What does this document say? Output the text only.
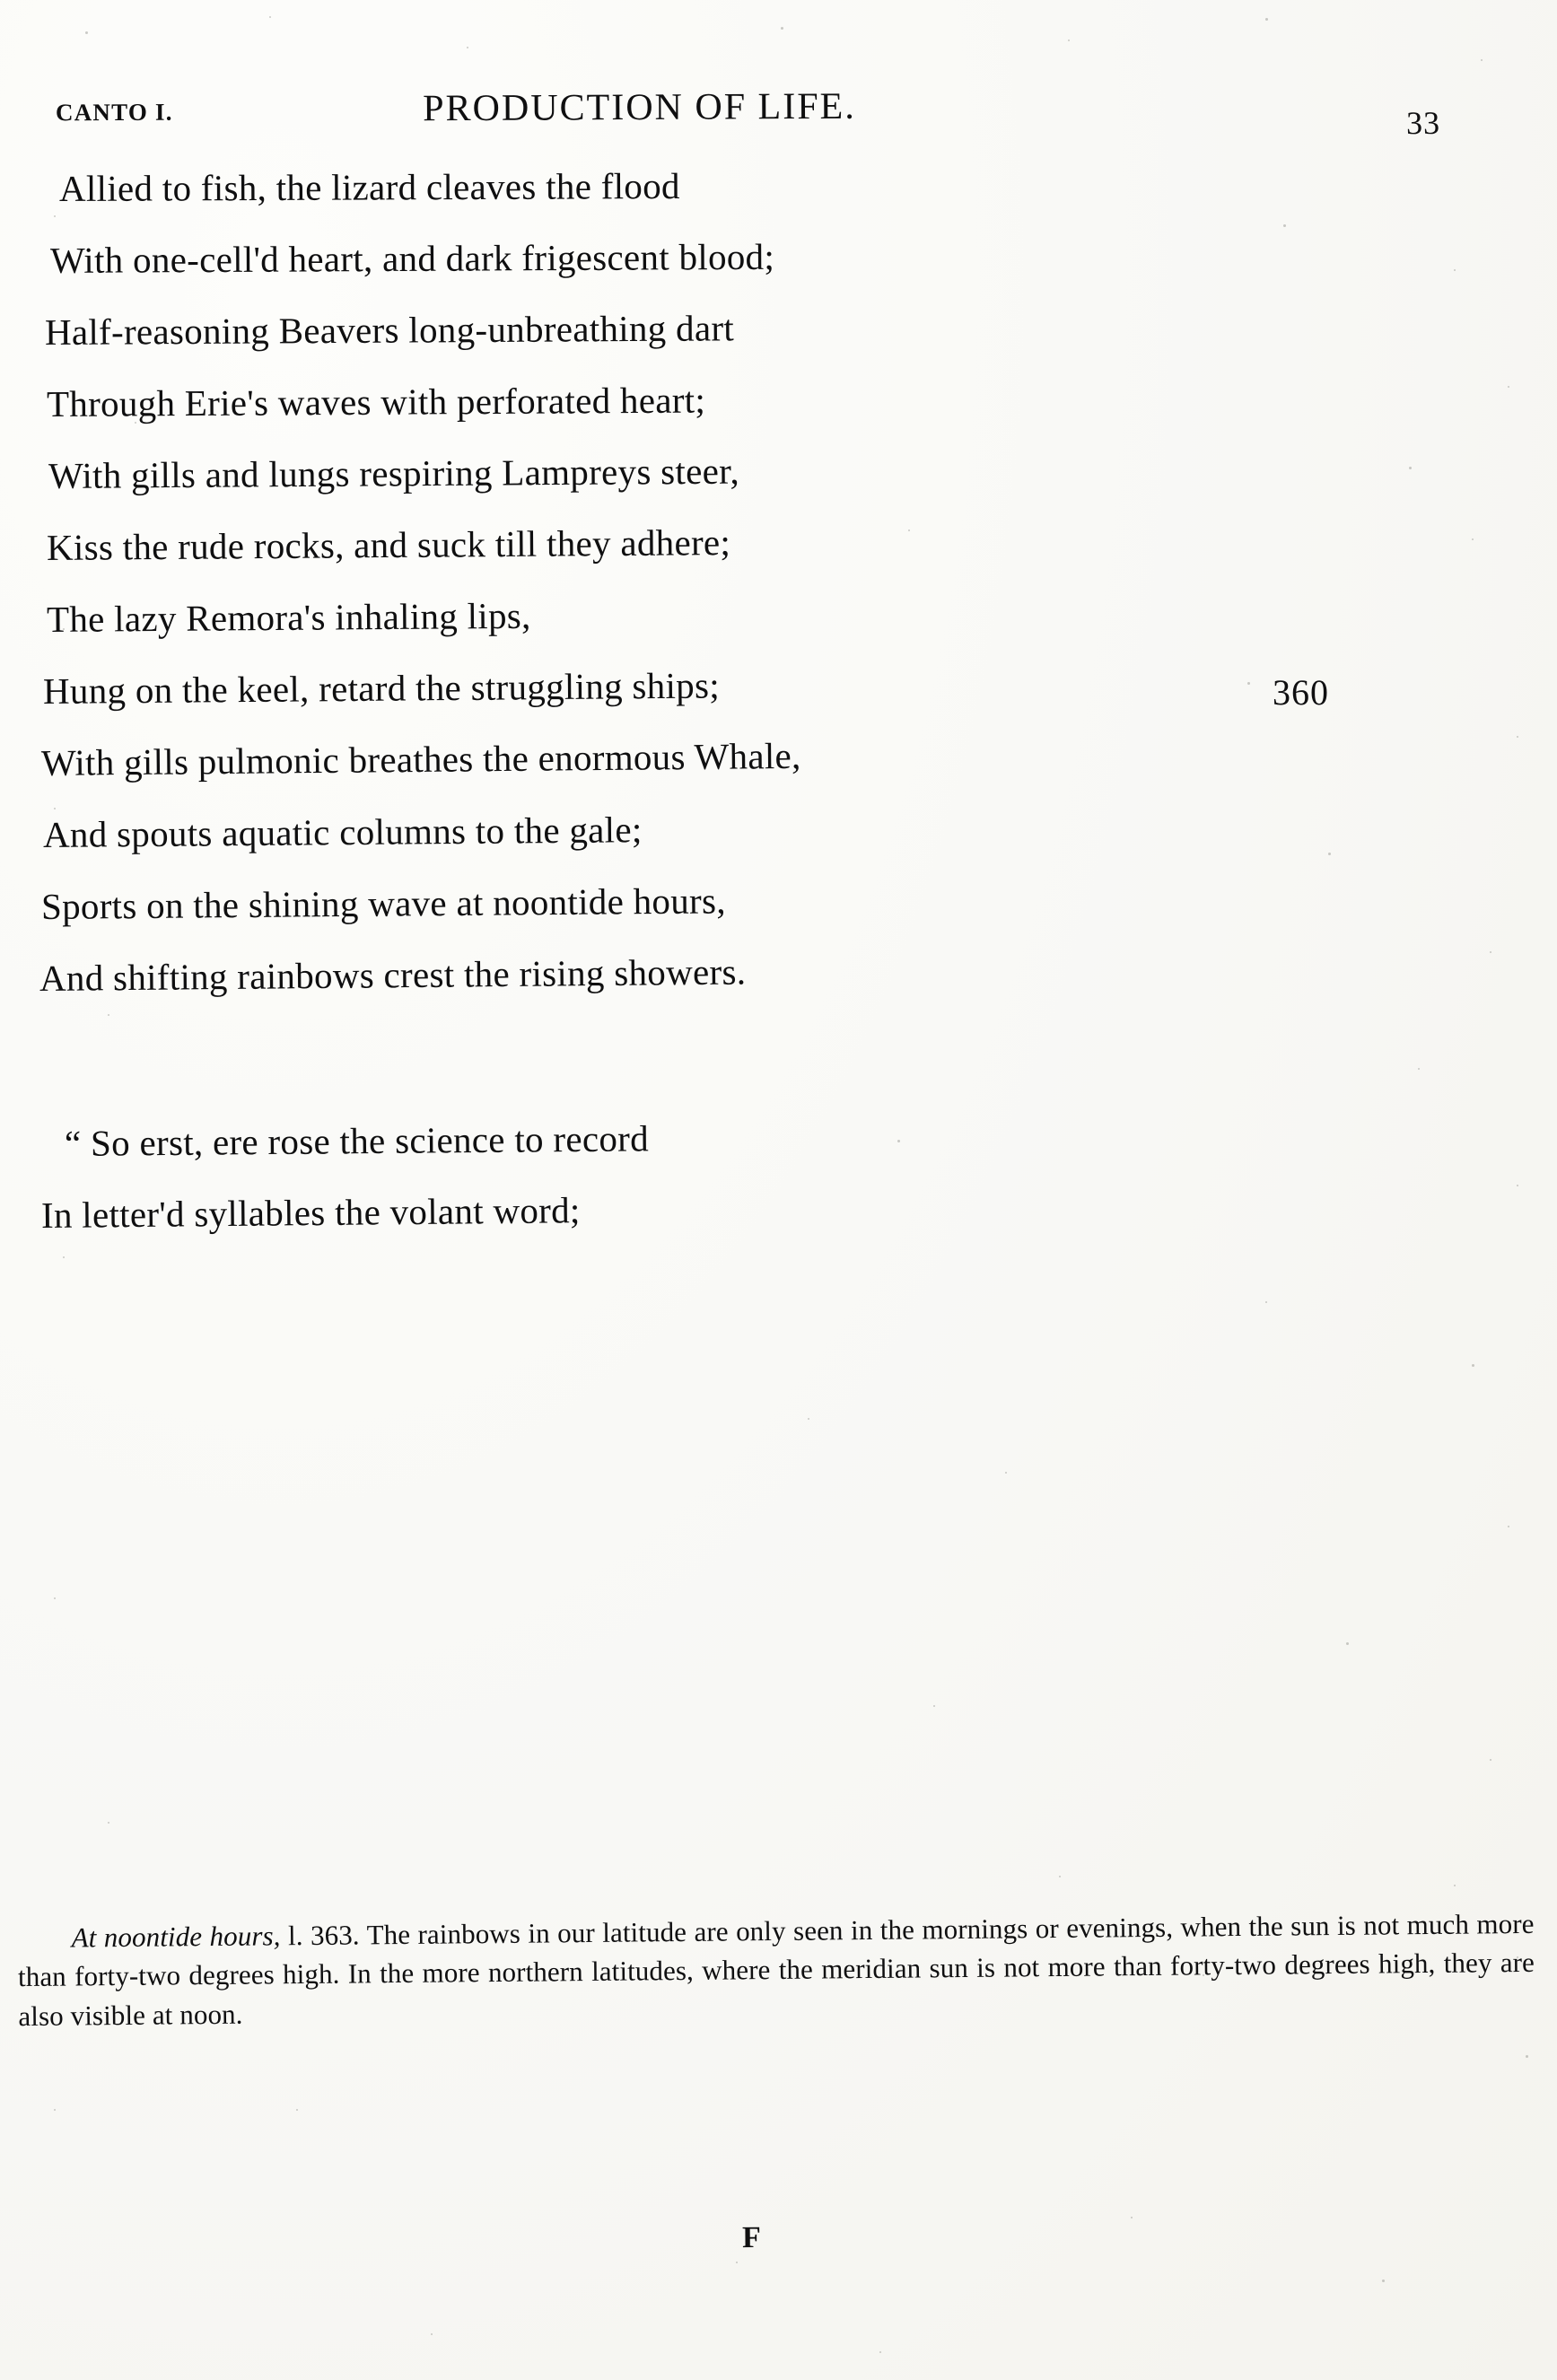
CANTO I.	PRODUCTION OF LIFE.	33
Allied to fish, the lizard cleaves the flood
With one-cell'd heart, and dark frigescent blood;
Half-reasoning Beavers long-unbreathing dart
Through Erie's waves with perforated heart;
With gills and lungs respiring Lampreys steer,
Kiss the rude rocks, and suck till they adhere;
The lazy Remora's inhaling lips,
Hung on the keel, retard the struggling ships;	360
With gills pulmonic breathes the enormous Whale,
And spouts aquatic columns to the gale;
Sports on the shining wave at noontide hours,
And shifting rainbows crest the rising showers.
“ So erst, ere rose the science to record
In letter'd syllables the volant word;
At noontide hours, l. 363. The rainbows in our latitude are only seen in the mornings or evenings, when the sun is not much more than forty-two degrees high. In the more northern latitudes, where the meridian sun is not more than forty-two degrees high, they are also visible at noon.
F
